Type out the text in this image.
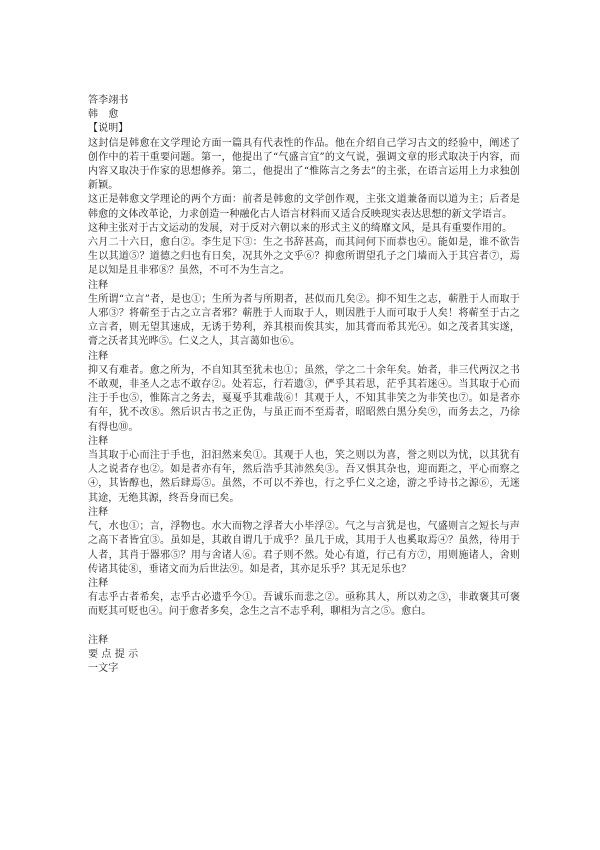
答李翊书
韩　愈
【说明】
这封信是韩愈在文学理论方面一篇具有代表性的作品。他在介绍自己学习古文的经验中，阐述了创作中的若干重要问题。第一，他提出了“气盛言宜”的文气说，强调文章的形式取决于内容，而内容又取决于作家的思想修养。第二，他提出了“惟陈言之务去”的主张，在语言运用上力求独创新颖。
这正是韩愈文学理论的两个方面：前者是韩愈的文学创作观，主张文道兼备而以道为主；后者是韩愈的文体改革论，力求创造一种融化古人语言材料而又适合反映现实表达思想的新文学语言。
这种主张对于古文运动的发展，对于反对六朝以来的形式主义的绮靡文风，是具有重要作用的。
六月二十六日，愈白②。李生足下③：生之书辞甚高，而其问何下而恭也④。能如是，谁不欲告生以其道⑤？道德之归也有日矣，况其外之文乎⑥？抑愈所谓望孔子之门墙而入于其宫者⑦，焉足以知是且非邪⑧？虽然，不可不为生言之。
注释
生所谓“立言”者，是也①；生所为者与所期者，甚似而几矣②。抑不知生之志，蕲胜于人而取于人邪③？将蕲至于古之立言者邪？蕲胜于人而取于人，则因胜于人而可取于人矣！将蕲至于古之立言者，则无望其速成，无诱于势利，养其根而俟其实，加其膏而希其光④。如之茂者其实遂，膏之沃者其光晔⑤。仁义之人，其言蔼如也⑥。
注释
抑又有难者。愈之所为，不自知其至犹未也①；虽然，学之二十余年矣。始者，非三代两汉之书不敢观，非圣人之志不敢存②。处若忘，行若遗③，俨乎其若思，茫乎其若迷④。当其取于心而注于手也⑤，惟陈言之务去，戛戛乎其难哉⑥！其观于人，不知其非笑之为非笑也⑦。如是者亦有年，犹不改⑧。然后识古书之正伪，与虽正而不至焉者，昭昭然白黑分矣⑨，而务去之，乃徐有得也⑩。
注释
当其取于心而注于手也，汩汩然来矣①。其观于人也，笑之则以为喜，誉之则以为忧，以其犹有人之说者存也②。如是者亦有年，然后浩乎其沛然矣③。吾又惧其杂也，迎而距之，平心而察之④，其皆醇也，然后肆焉⑤。虽然，不可以不养也，行之乎仁义之途，游之乎诗书之源⑥，无迷其途，无绝其源，终吾身而已矣。
注释
气，水也①；言，浮物也。水大而物之浮者大小毕浮②。气之与言犹是也，气盛则言之短长与声之高下者皆宜③。虽如是，其敢自谓几于成乎？虽几于成，其用于人也奚取焉④？虽然，待用于人者，其肖于器邪⑤？用与舍诸人⑥。君子则不然。处心有道，行己有方⑦，用则施诸人，舍则传诸其徒⑧，垂诸文而为后世法⑨。如是者，其亦足乐乎？其无足乐也？
注释
有志乎古者希矣，志乎古必遗乎今①。吾诚乐而悲之②。亟称其人，所以劝之③，非敢褒其可褒而贬其可贬也④。问于愈者多矣，念生之言不志乎利，聊相为言之⑤。愈白。
注释
要 点 提 示
一文字
